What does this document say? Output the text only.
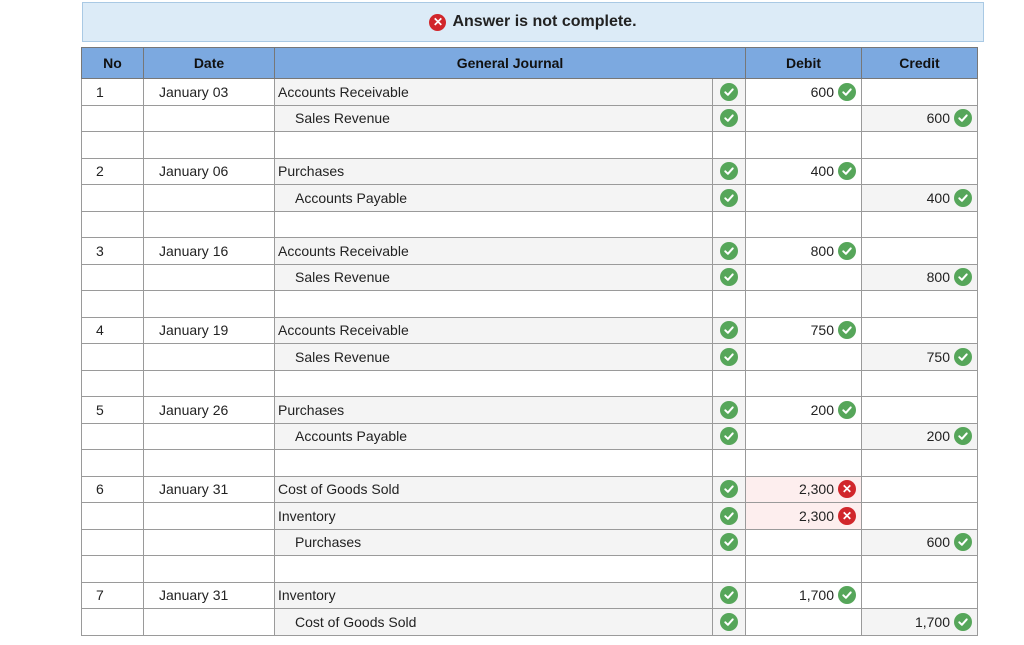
✕ Answer is not complete.
No	Date	General Journal		Debit	Credit
1	January 03	Accounts Receivable		600	

		Sales Revenue			600

2	January 06	Purchases		400	

		Accounts Payable			400

3	January 16	Accounts Receivable		800	

		Sales Revenue			800

4	January 19	Accounts Receivable		750	

		Sales Revenue			750

5	January 26	Purchases		200	

		Accounts Payable			200

6	January 31	Cost of Goods Sold		2,300 ✕	

		Inventory		2,300 ✕	

		Purchases			600

7	January 31	Inventory		1,700	

		Cost of Goods Sold			1,700
